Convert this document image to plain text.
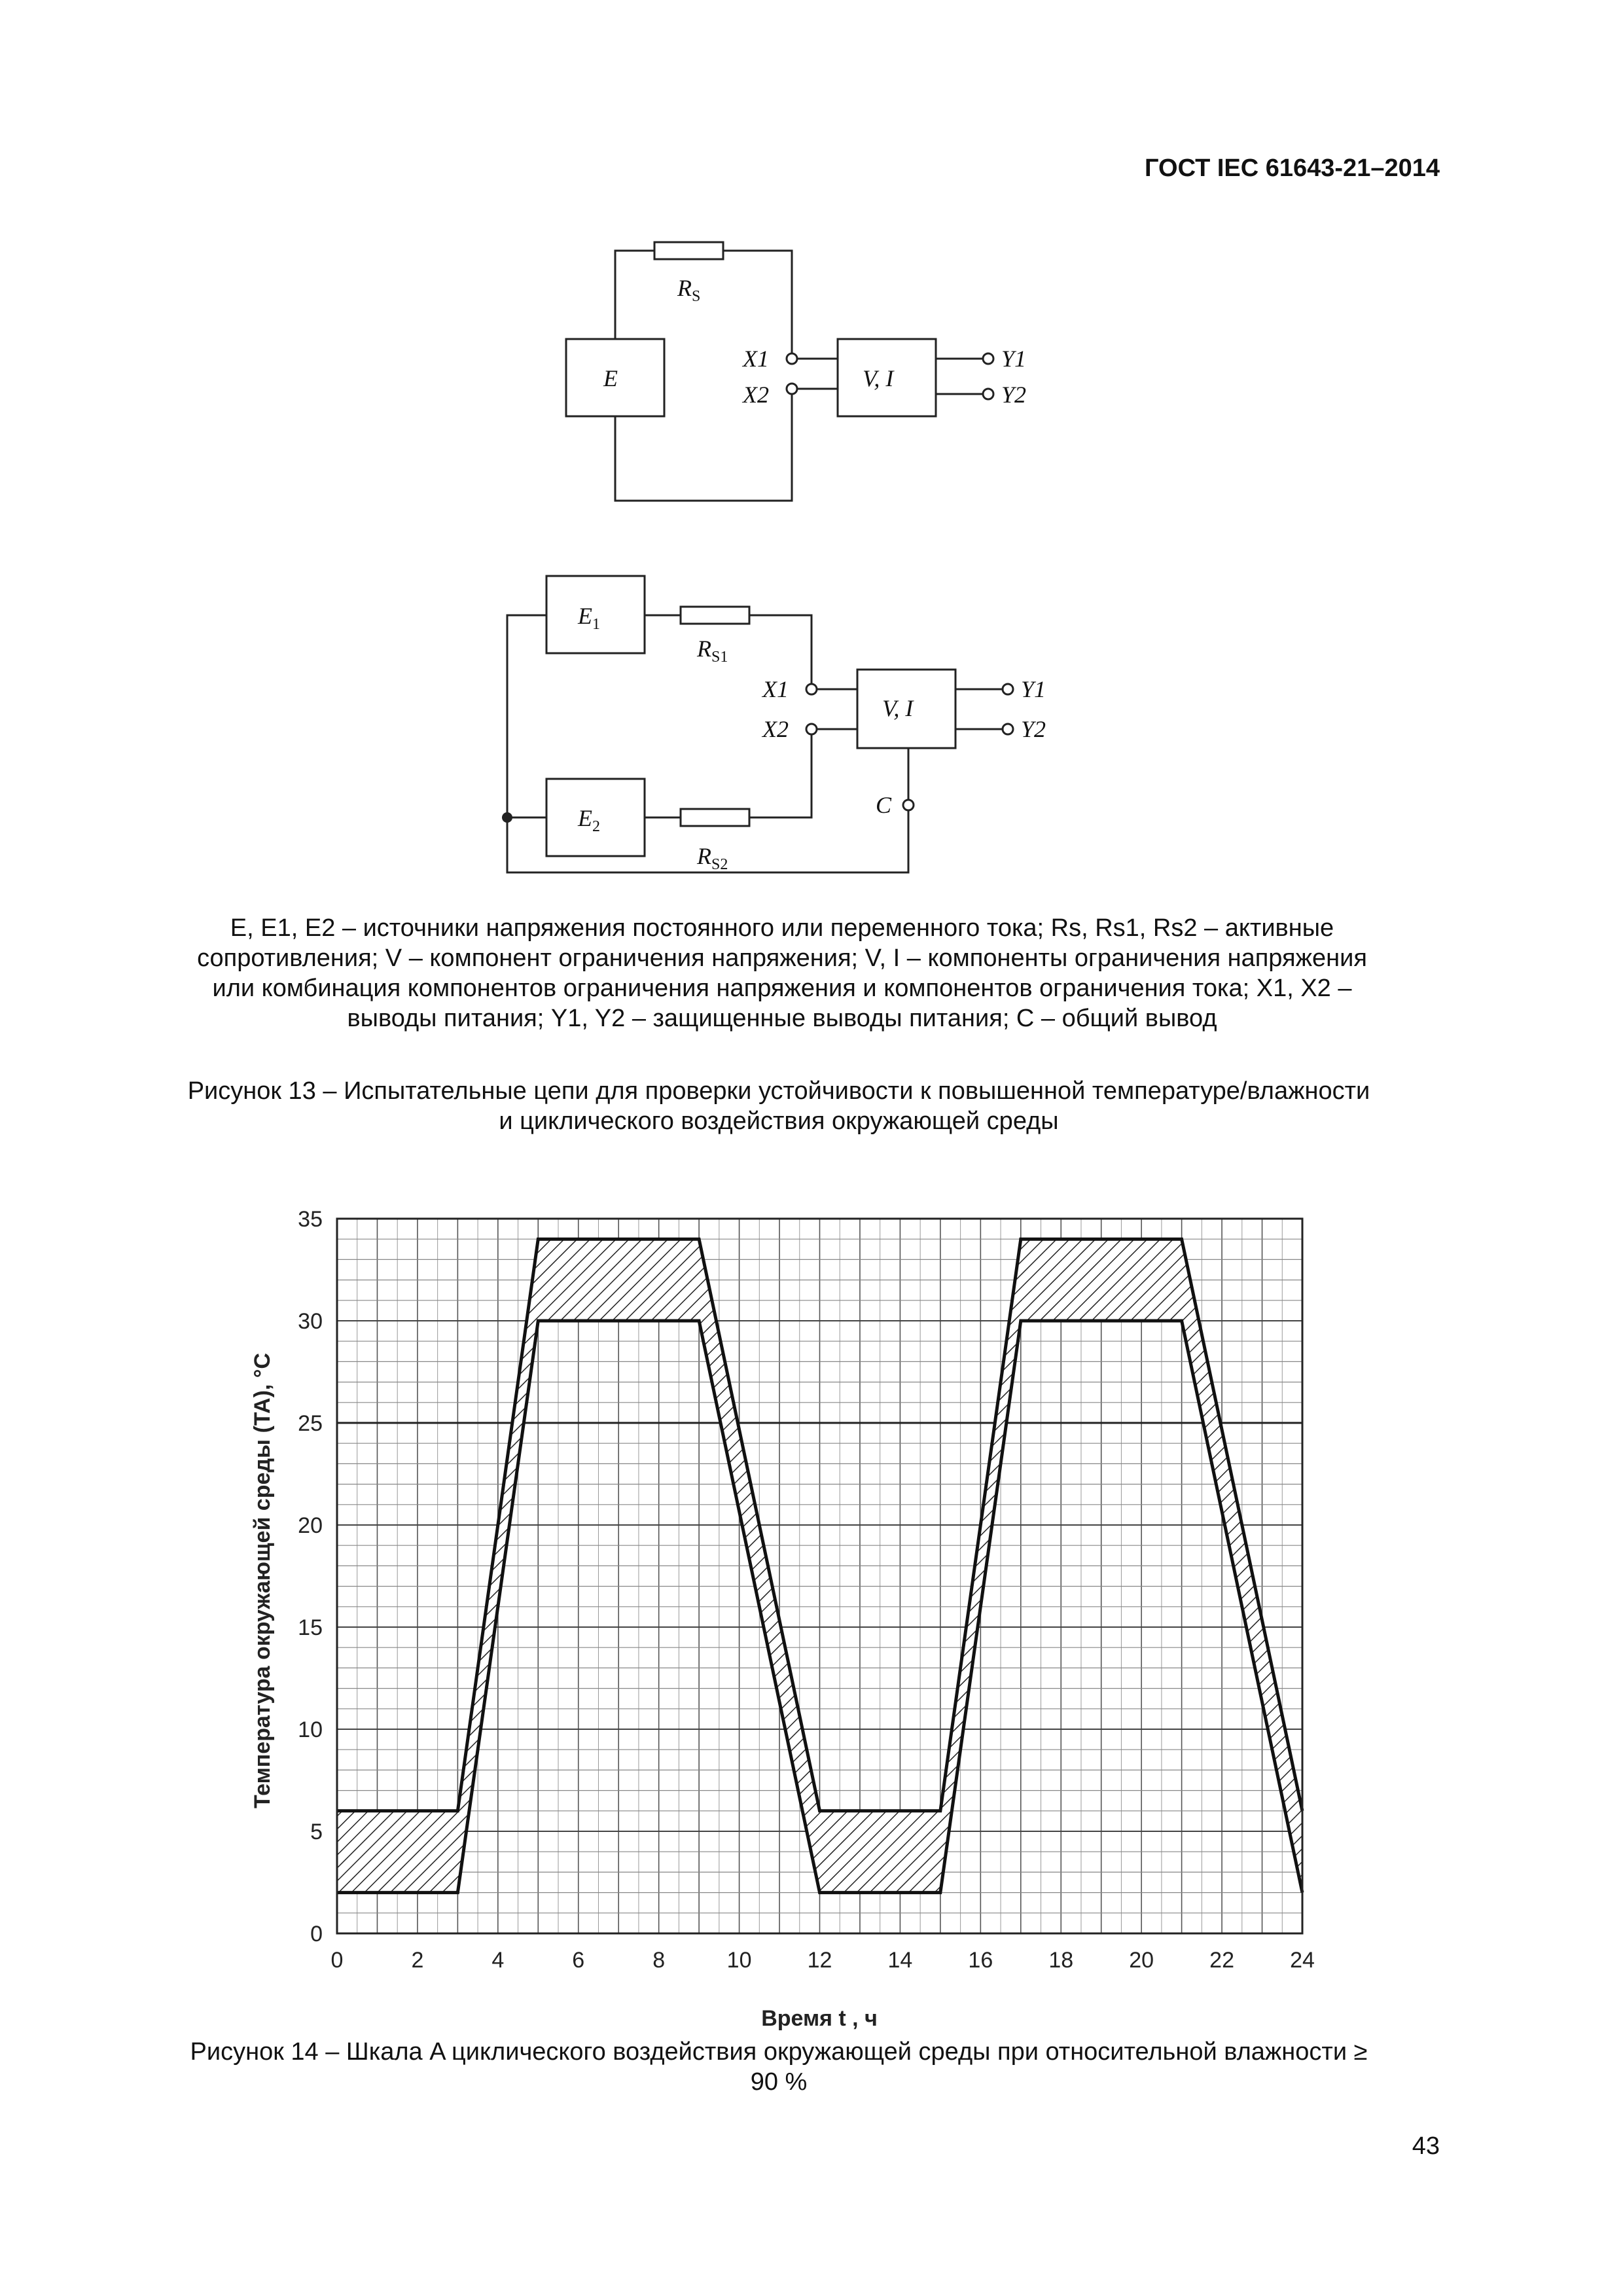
ГОСТ IEC 61643-21–2014
E
$R_S$
X1
X2
V, I
Y1
Y2
$E_1$
$E_2$
$R_{S1}$
$R_{S2}$
X1
X2
V, I
Y1
Y2
C
E, E1, E2 – источники напряжения постоянного или переменного тока; Rs, Rs1, Rs2 – активные
сопротивления; V – компонент ограничения напряжения; V, I – компоненты ограничения напряжения
или комбинация компонентов ограничения напряжения и компонентов ограничения тока; X1, X2 –
выводы питания; Y1, Y2 – защищенные выводы питания; C – общий вывод
Рисунок 13 – Испытательные цепи для проверки устойчивости к повышенной температуре/влажности
и циклического воздействия окружающей среды
0	2	4	6	8	10	12	14	16	18	20	22	24
0
5
10
15
20
25
30
35
Температура окружающей среды (TA), °C
Время t , ч
Рисунок 14 – Шкала A циклического воздействия окружающей среды при относительной влажности ≥
90 %
43
